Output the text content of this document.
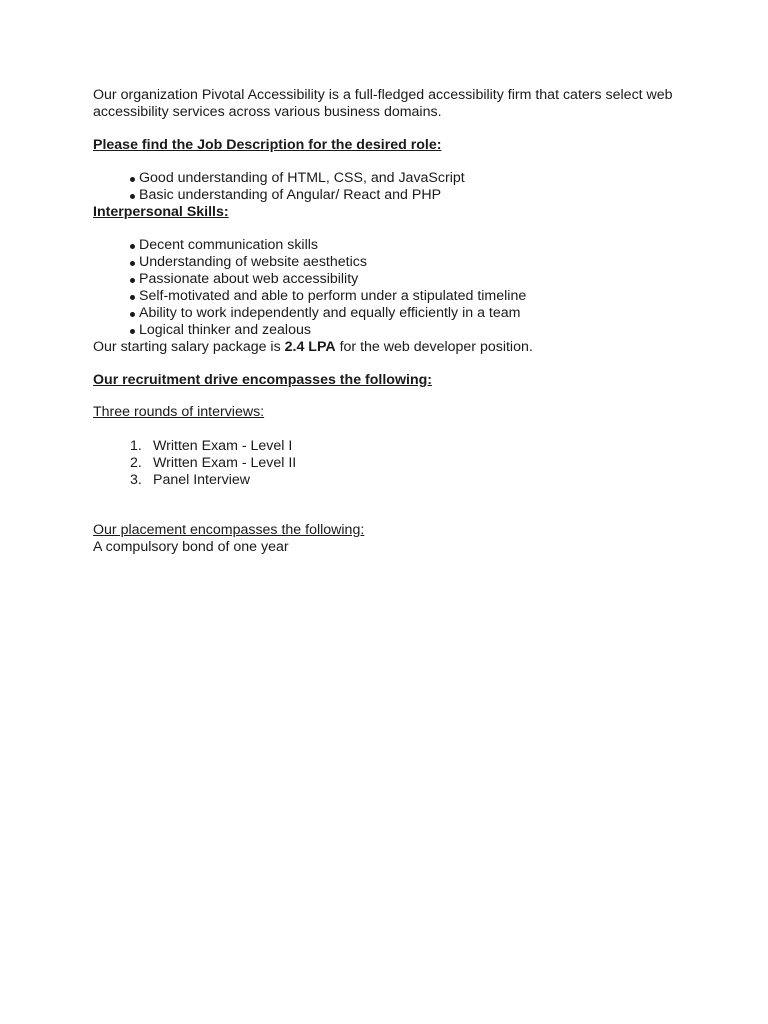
Our organization Pivotal Accessibility is a full-fledged accessibility firm that caters select web accessibility services across various business domains.

Please find the Job Description for the desired role:

Good understanding of HTML, CSS, and JavaScript
Basic understanding of Angular/ React and PHP

Interpersonal Skills:

Decent communication skills
Understanding of website aesthetics
Passionate about web accessibility
Self-motivated and able to perform under a stipulated timeline
Ability to work independently and equally efficiently in a team
Logical thinker and zealous

Our starting salary package is 2.4 LPA for the web developer position.

Our recruitment drive encompasses the following:

Three rounds of interviews:

1. Written Exam - Level I
2. Written Exam - Level II
3. Panel Interview

Our placement encompasses the following:

A compulsory bond of one year
